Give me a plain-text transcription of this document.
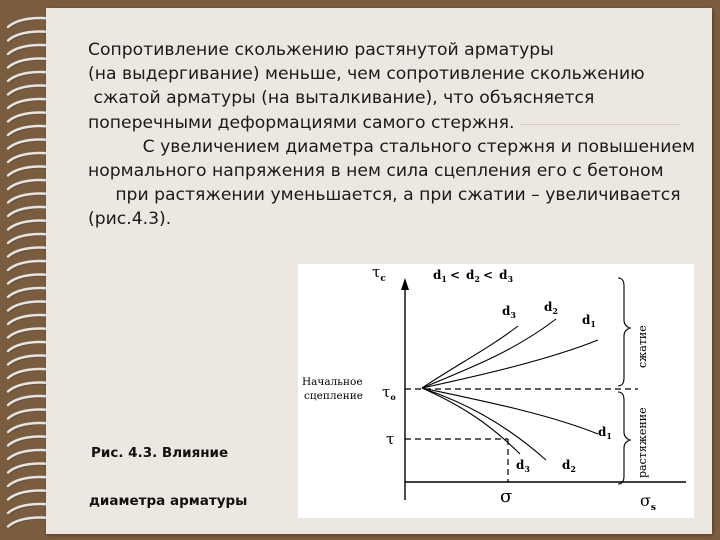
Сопротивление скольжению растянутой арматуры
(на выдергивание) меньше, чем сопротивление скольжению
сжатой арматуры (на выталкивание), что объясняется
поперечными деформациями самого стержня.
С увеличением диаметра стального стержня и повышением
нормального напряжения в нем сила сцепления его с бетоном
при растяжении уменьшается, а при сжатии – увеличивается
(рис.4.3).
$\tau_c$
$\sigma_s$
σ
$d_1 < d_2 < d_3$
Начальное
сцепление $\tau_o$
τ
$d_3$
$d_2$
$d_1$
$d_1$
$d_3$	$d_2$
сжатие
растяжение
Рис. 4.3. Влияние
диаметра арматуры
